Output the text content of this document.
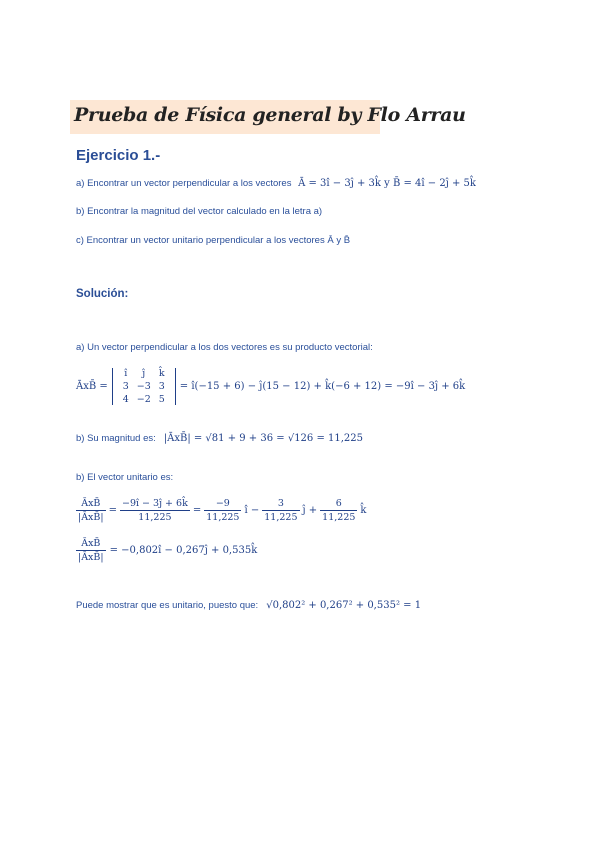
Prueba de Física general by Flo Arrau
Ejercicio 1.-
a) Encontrar un vector perpendicular a los vectores Ā = 3î − 3ĵ + 3k̂ y B̄ = 4î − 2ĵ + 5k̂
b) Encontrar la magnitud del vector calculado en la letra a)
c) Encontrar un vector unitario perpendicular a los vectores Ā y B̄
Solución:
a) Un vector perpendicular a los dos vectores es su producto vectorial:
ĀxB̄ =
î	ĵ	k̂
3 −3 3
4 −2 5
= î(−15 + 6) − ĵ(15 − 12) + k̂(−6 + 12) = −9î − 3ĵ + 6k̂
b) Su magnitud es: |ĀxB̄| = √81 + 9 + 36 = √126 = 11,225
b) El vector unitario es:
$\frac{\text{ĀxB̄}}{\text{|ĀxB̄|}} = \frac{-9î - 3ĵ + 6k̂}{11,225} = \frac{-9}{11,225}$ î − $\frac{3}{11,225}$ ĵ + $\frac{6}{11,225}$ k̂
$\frac{\text{ĀxB̄}}{\text{|ĀxB̄|}}$ = −0,802î − 0,267ĵ + 0,535k̂
Puede mostrar que es unitario, puesto que: √0,802² + 0,267² + 0,535² = 1
